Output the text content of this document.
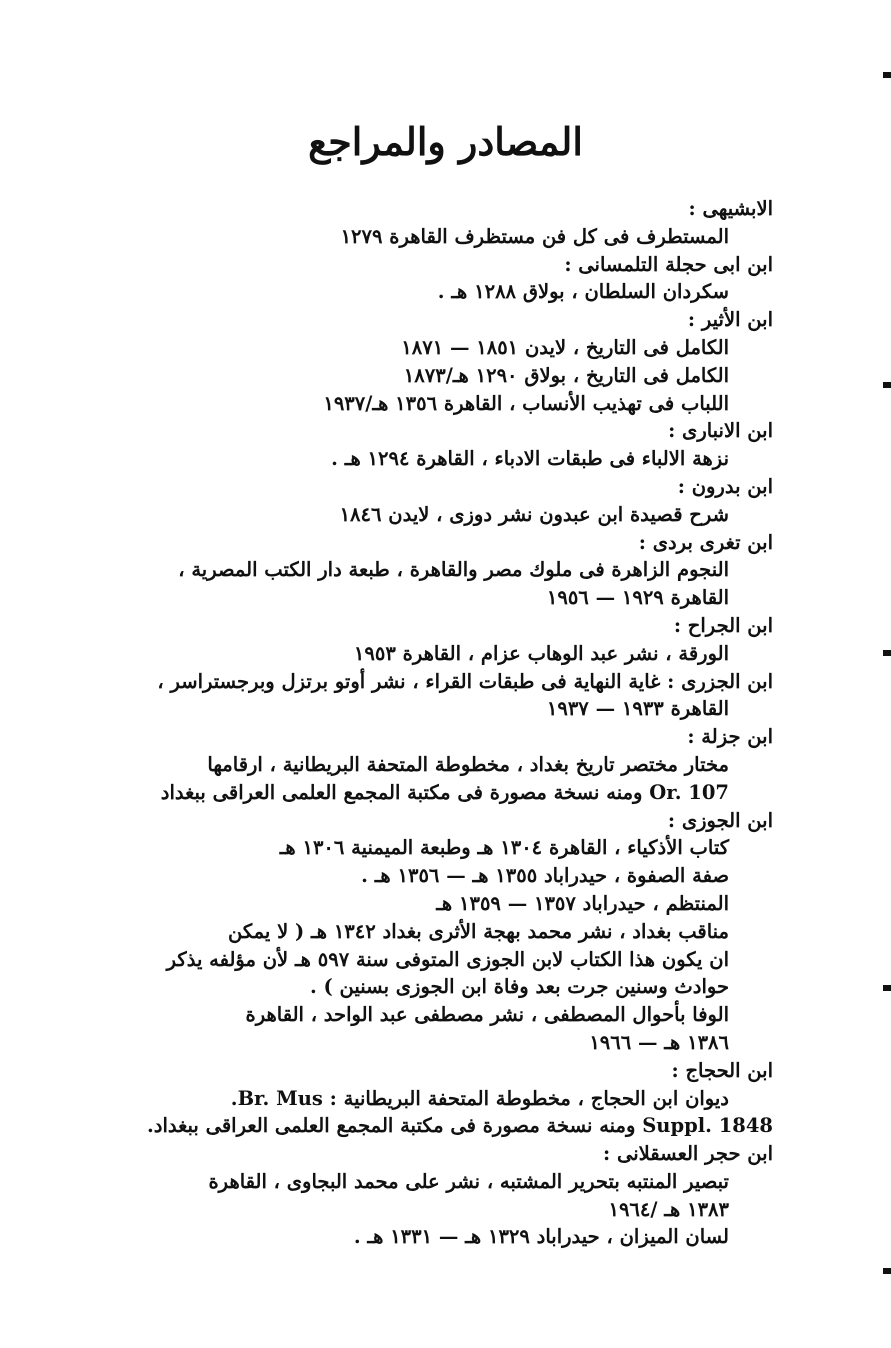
المصادر والمراجع
الابشيهى :
المستطرف فى كل فن مستظرف القاهرة ١٢٧٩
ابن ابى حجلة التلمسانى :
سكردان السلطان ، بولاق ١٢٨٨ هـ .
ابن الأثير :
الكامل فى التاريخ ، لايدن ١٨٥١ — ١٨٧١
الكامل فى التاريخ ، بولاق ١٢٩٠ هـ/١٨٧٣
اللباب فى تهذيب الأنساب ، القاهرة ١٣٥٦ هـ/١٩٣٧
ابن الانبارى :
نزهة الالباء فى طبقات الادباء ، القاهرة ١٢٩٤ هـ .
ابن بدرون :
شرح قصيدة ابن عبدون نشر دوزى ، لايدن ١٨٤٦
ابن تغرى بردى :
النجوم الزاهرة فى ملوك مصر والقاهرة ، طبعة دار الكتب المصرية ،
القاهرة ١٩٢٩ — ١٩٥٦
ابن الجراح :
الورقة ، نشر عبد الوهاب عزام ، القاهرة ١٩٥٣
ابن الجزرى : غاية النهاية فى طبقات القراء ، نشر أوتو برتزل وبرجستراسر ،
القاهرة ١٩٣٣ — ١٩٣٧
ابن جزلة :
مختار مختصر تاريخ بغداد ، مخطوطة المتحفة البريطانية ، ارقامها
Or. 107 ومنه نسخة مصورة فى مكتبة المجمع العلمى العراقى ببغداد
ابن الجوزى :
كتاب الأذكياء ، القاهرة ١٣٠٤ هـ وطبعة الميمنية ١٣٠٦ هـ
صفة الصفوة ، حيدراباد ١٣٥٥ هـ — ١٣٥٦ هـ .
المنتظم ، حيدراباد ١٣٥٧ — ١٣٥٩ هـ
مناقب بغداد ، نشر محمد بهجة الأثرى بغداد ١٣٤٢ هـ ( لا يمكن
ان يكون هذا الكتاب لابن الجوزى المتوفى سنة ٥٩٧ هـ لأن مؤلفه يذكر
حوادث وسنين جرت بعد وفاة ابن الجوزى بسنين ) .
الوفا بأحوال المصطفى ، نشر مصطفى عبد الواحد ، القاهرة
١٣٨٦ هـ — ١٩٦٦
ابن الحجاج :
ديوان ابن الحجاج ، مخطوطة المتحفة البريطانية : Br. Mus.
Suppl. 1848 ومنه نسخة مصورة فى مكتبة المجمع العلمى العراقى ببغداد.
ابن حجر العسقلانى :
تبصير المنتبه بتحرير المشتبه ، نشر على محمد البجاوى ، القاهرة
١٣٨٣ هـ /١٩٦٤
لسان الميزان ، حيدراباد ١٣٢٩ هـ — ١٣٣١ هـ .
